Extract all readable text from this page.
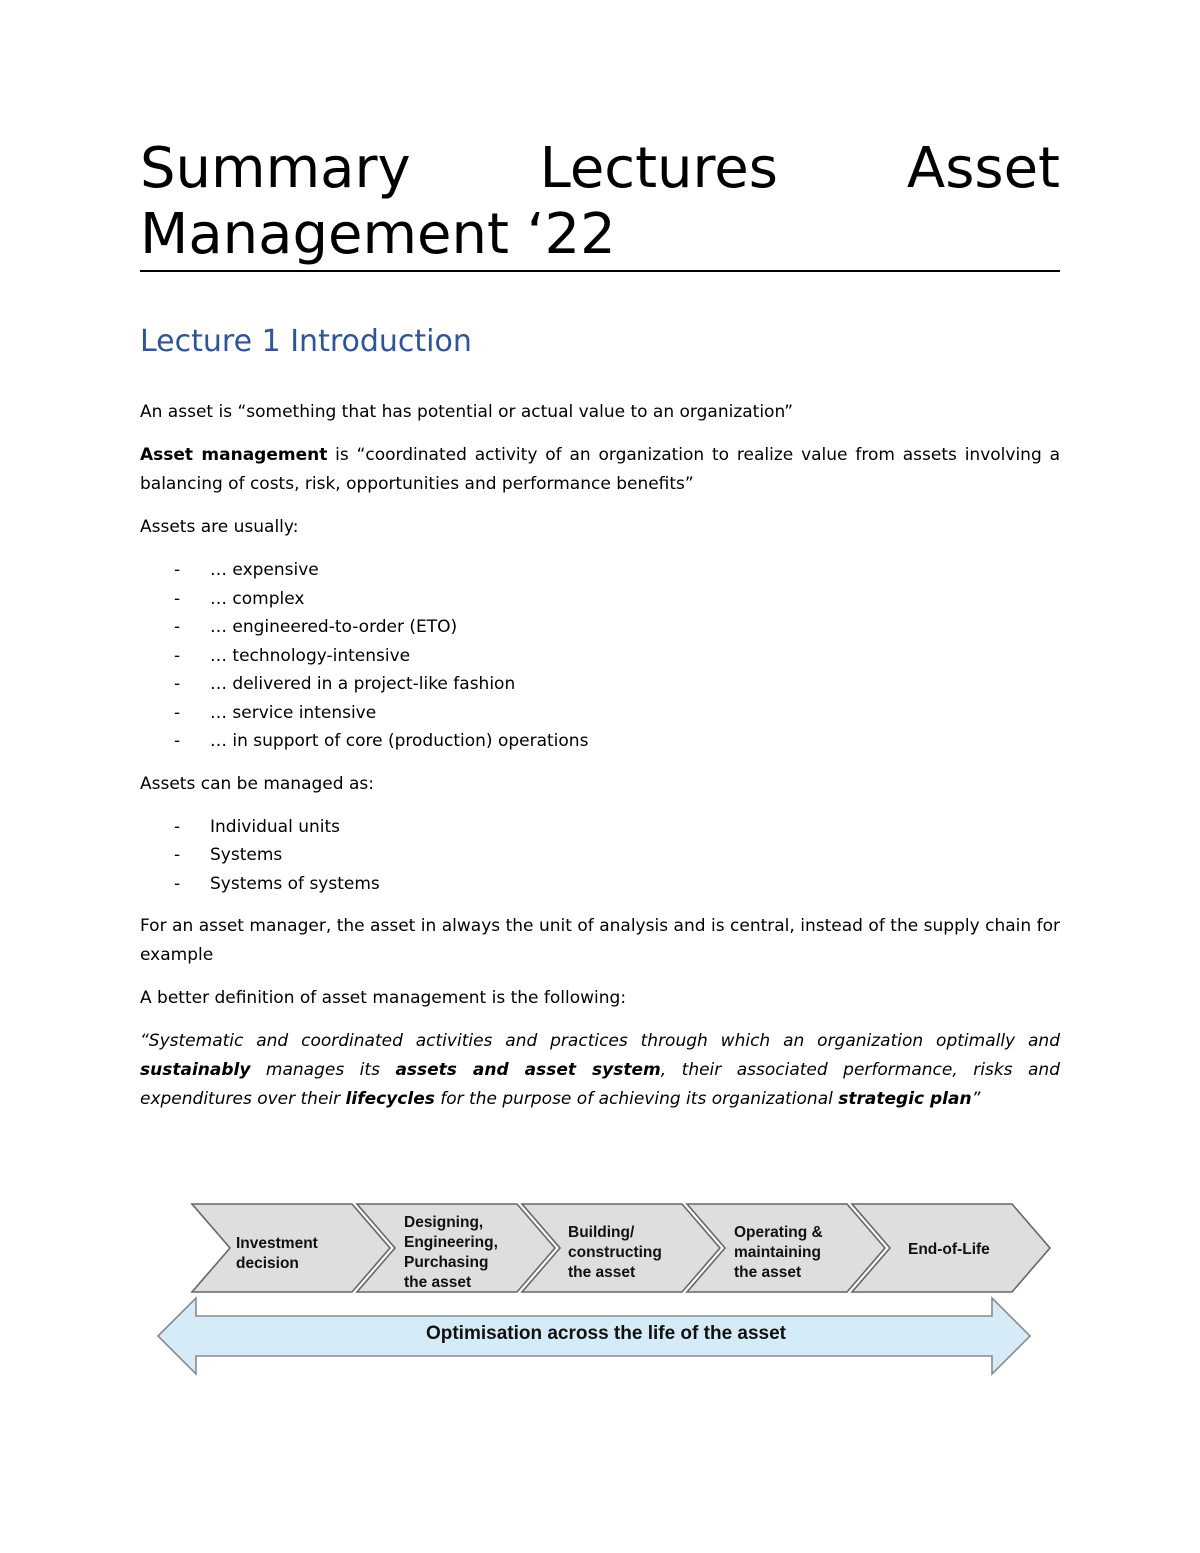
Summary Lectures Asset
Management ‘22
Lecture 1 Introduction

An asset is “something that has potential or actual value to an organization”

Asset management is “coordinated activity of an organization to realize value from assets involving a balancing of costs, risk, opportunities and performance benefits”

Assets are usually:

- … expensive
- … complex
- … engineered-to-order (ETO)
- … technology-intensive
- … delivered in a project-like fashion
- … service intensive
- … in support of core (production) operations

Assets can be managed as:

- Individual units
- Systems
- Systems of systems

For an asset manager, the asset in always the unit of analysis and is central, instead of the supply chain for example

A better definition of asset management is the following:

“Systematic and coordinated activities and practices through which an organization optimally and sustainably manages its assets and asset system, their associated performance, risks and expenditures over their lifecycles for the purpose of achieving its organizational strategic plan”

Investment
decision
Designing,
Engineering,
Purchasing
the asset
Building/
constructing
the asset
Operating &
maintaining
the asset
End-of-Life
Optimisation across the life of the asset
